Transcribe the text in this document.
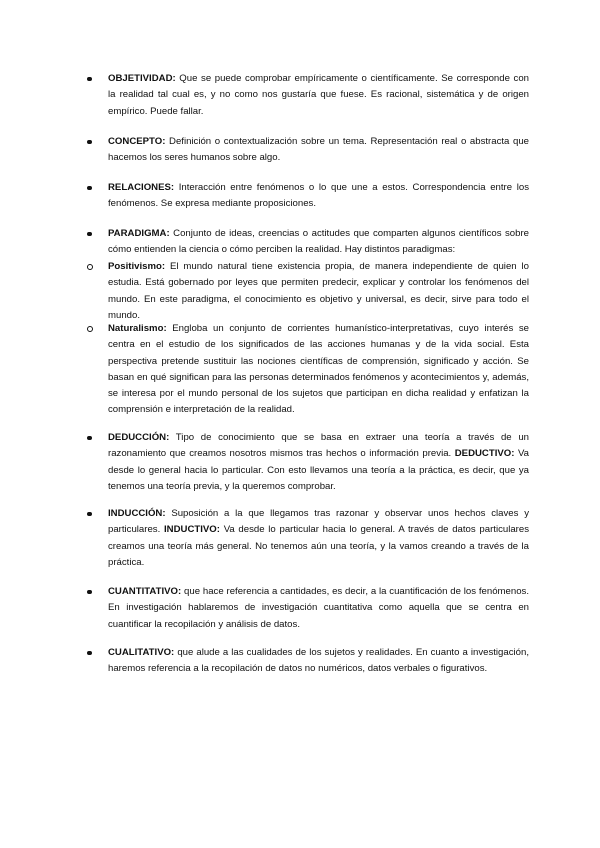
OBJETIVIDAD: Que se puede comprobar empíricamente o científicamente. Se corresponde con la realidad tal cual es, y no como nos gustaría que fuese. Es racional, sistemática y de origen empírico. Puede fallar.
CONCEPTO: Definición o contextualización sobre un tema. Representación real o abstracta que hacemos los seres humanos sobre algo.
RELACIONES: Interacción entre fenómenos o lo que une a estos. Correspondencia entre los fenómenos. Se expresa mediante proposiciones.
PARADIGMA: Conjunto de ideas, creencias o actitudes que comparten algunos científicos sobre cómo entienden la ciencia o cómo perciben la realidad. Hay distintos paradigmas:
Positivismo: El mundo natural tiene existencia propia, de manera independiente de quien lo estudia. Está gobernado por leyes que permiten predecir, explicar y controlar los fenómenos del mundo. En este paradigma, el conocimiento es objetivo y universal, es decir, sirve para todo el mundo.
Naturalismo: Engloba un conjunto de corrientes humanístico-interpretativas, cuyo interés se centra en el estudio de los significados de las acciones humanas y de la vida social. Esta perspectiva pretende sustituir las nociones científicas de comprensión, significado y acción. Se basan en qué significan para las personas determinados fenómenos y acontecimientos y, además, se interesa por el mundo personal de los sujetos que participan en dicha realidad y enfatizan la comprensión e interpretación de la realidad.
DEDUCCIÓN: Tipo de conocimiento que se basa en extraer una teoría a través de un razonamiento que creamos nosotros mismos tras hechos o información previa. DEDUCTIVO: Va desde lo general hacia lo particular. Con esto llevamos una teoría a la práctica, es decir, que ya tenemos una teoría previa, y la queremos comprobar.
INDUCCIÓN: Suposición a la que llegamos tras razonar y observar unos hechos claves y particulares. INDUCTIVO: Va desde lo particular hacia lo general. A través de datos particulares creamos una teoría más general. No tenemos aún una teoría, y la vamos creando a través de la práctica.
CUANTITATIVO: que hace referencia a cantidades, es decir, a la cuantificación de los fenómenos. En investigación hablaremos de investigación cuantitativa como aquella que se centra en cuantificar la recopilación y análisis de datos.
CUALITATIVO: que alude a las cualidades de los sujetos y realidades. En cuanto a investigación, haremos referencia a la recopilación de datos no numéricos, datos verbales o figurativos.
